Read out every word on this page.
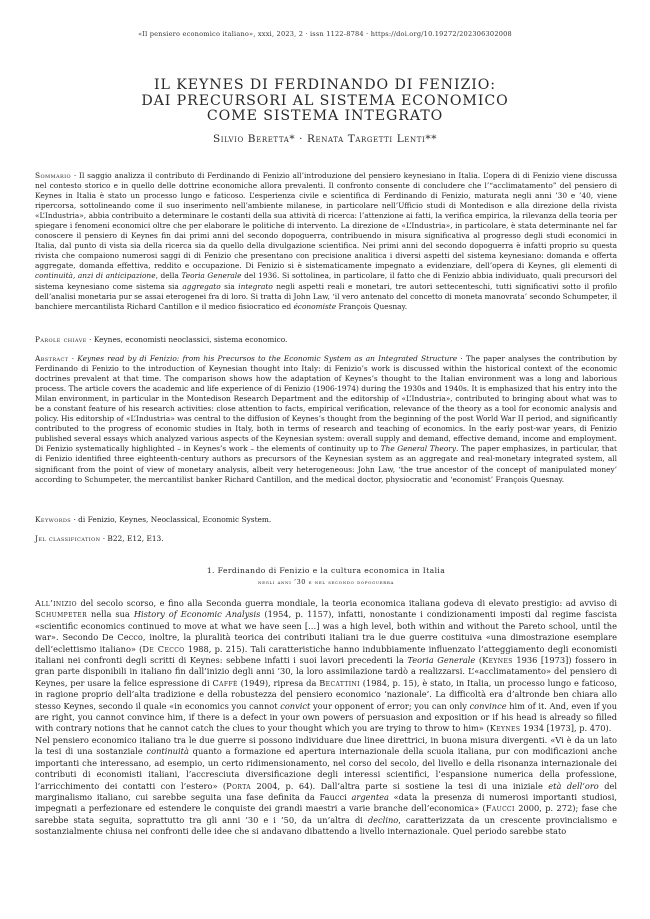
«Il pensiero economico italiano», xxxi, 2023, 2 · issn 1122-8784 · https://doi.org/10.19272/202306302008
IL KEYNES DI FERDINANDO DI FENIZIO:
DAI PRECURSORI AL SISTEMA ECONOMICO
COME SISTEMA INTEGRATO
Silvio Beretta* · Renata Targetti Lenti**
Sommario · Il saggio analizza il contributo di Ferdinando di Fenizio all’introduzione del pensiero keynesiano in Italia. L’opera di di Fenizio viene discussa nel contesto storico e in quello delle dottrine economiche allora prevalenti. Il confronto consente di concludere che l’“acclimatamento” del pensiero di Keynes in Italia è stato un processo lungo e faticoso. L’esperienza civile e scientifica di Ferdinando di Fenizio, maturata negli anni ’30 e ’40, viene ripercorsa, sottolineando come il suo inserimento nell’ambiente milanese, in particolare nell’Ufficio studi di Montedison e alla direzione della rivista «L’Industria», abbia contribuito a determinare le costanti della sua attività di ricerca: l’attenzione ai fatti, la verifica empirica, la rilevanza della teoria per spiegare i fenomeni economici oltre che per elaborare le politiche di intervento. La direzione de «L’Industria», in particolare, è stata determinante nel far conoscere il pensiero di Keynes fin dai primi anni del secondo dopoguerra, contribuendo in misura significativa al progresso degli studi economici in Italia, dal punto di vista sia della ricerca sia da quello della divulgazione scientifica. Nei primi anni del secondo dopoguerra è infatti proprio su questa rivista che compaiono numerosi saggi di di Fenizio che presentano con precisione analitica i diversi aspetti del sistema keynesiano: domanda e offerta aggregate, domanda effettiva, reddito e occupazione. Di Fenizio si è sistematicamente impegnato a evidenziare, dell’opera di Keynes, gli elementi di continuità, anzi di anticipazione, della Teoria Generale del 1936. Si sottolinea, in particolare, il fatto che di Fenizio abbia individuato, quali precursori del sistema keynesiano come sistema sia aggregato sia integrato negli aspetti reali e monetari, tre autori settecenteschi, tutti significativi sotto il profilo dell’analisi monetaria pur se assai eterogenei fra di loro. Si tratta di John Law, ‘il vero antenato del concetto di moneta manovrata’ secondo Schumpeter, il banchiere mercantilista Richard Cantillon e il medico fisiocratico ed économiste François Quesnay.
Parole chiave · Keynes, economisti neoclassici, sistema economico.
Abstract · Keynes read by di Fenizio: from his Precursos to the Economic System as an Integrated Structure · The paper analyses the contribution by Ferdinando di Fenizio to the introduction of Keynesian thought into Italy: di Fenizio’s work is discussed within the historical context of the economic doctrines prevalent at that time. The comparison shows how the adaptation of Keynes’s thought to the Italian environment was a long and laborious process. The article covers the academic and life experience of di Fenizio (1906-1974) during the 1930s and 1940s. It is emphasized that his entry into the Milan environment, in particular in the Montedison Research Department and the editorship of «L’Industria», contributed to bringing about what was to be a constant feature of his research activities: close attention to facts, empirical verification, relevance of the theory as a tool for economic analysis and policy. His editorship of «L’Industria» was central to the diffusion of Keynes’s thought from the beginning of the post World War II period, and significantly contributed to the progress of economic studies in Italy, both in terms of research and teaching of economics. In the early post-war years, di Fenizio published several essays which analyzed various aspects of the Keynesian system: overall supply and demand, effective demand, income and employment. Di Fenizio systematically highlighted – in Keynes’s work – the elements of continuity up to The General Theory. The paper emphasizes, in particular, that di Fenizio identified three eighteenth-century authors as precursors of the Keynesian system as an aggregate and real-monetary integrated system, all significant from the point of view of monetary analysis, albeit very heterogeneous: John Law, ‘the true ancestor of the concept of manipulated money’ according to Schumpeter, the mercantilist banker Richard Cantillon, and the medical doctor, physiocratic and ‘economist’ François Quesnay.
Keywords · di Fenizio, Keynes, Neoclassical, Economic System.
Jel classification · B22, E12, E13.
1. Ferdinando di Fenizio e la cultura economica in Italia
negli anni ’30 e nel secondo dopoguerra

All’inizio del secolo scorso, e fino alla Seconda guerra mondiale, la teoria economica italiana godeva di elevato prestigio: ad avviso di Schumpeter nella sua History of Economic Analysis (1954, p. 1157), infatti, nonostante i condizionamenti imposti dal regime fascista «scientific economics continued to move at what we have seen […] was a high level, both within and without the Pareto school, until the war». Secondo De Cecco, inoltre, la pluralità teorica dei contributi italiani tra le due guerre costituiva «una dimostrazione esemplare dell’eclettismo italiano» (De Cecco 1988, p. 215). Tali caratteristiche hanno indubbiamente influenzato l’atteggiamento degli economisti italiani nei confronti degli scritti di Keynes: sebbene infatti i suoi lavori precedenti la Teoria Generale (Keynes 1936 [1973]) fossero in gran parte disponibili in italiano fin dall’inizio degli anni ’30, la loro assimilazione tardò a realizzarsi. L’«acclimatamento» del pensiero di Keynes, per usare la felice espressione di Caffè (1949), ripresa da Becattini (1984, p. 15), è stato, in Italia, un processo lungo e faticoso, in ragione proprio dell’alta tradizione e della robustezza del pensiero economico ‘nazionale’. La difficoltà era d’altronde ben chiara allo stesso Keynes, secondo il quale «in economics you cannot convict your opponent of error; you can only convince him of it. And, even if you are right, you cannot convince him, if there is a defect in your own powers of persuasion and exposition or if his head is already so filled with contrary notions that he cannot catch the clues to your thought which you are trying to throw to him» (Keynes 1934 [1973], p. 470).

Nel pensiero economico italiano tra le due guerre si possono individuare due linee direttrici, in buona misura divergenti. «Vi è da un lato la tesi di una sostanziale continuità quanto a formazione ed apertura internazionale della scuola italiana, pur con modificazioni anche importanti che interessano, ad esempio, un certo ridimensionamento, nel corso del secolo, del livello e della risonanza internazionale dei contributi di economisti italiani, l’accresciuta diversificazione degli interessi scientifici, l’espansione numerica della professione, l’arricchimento dei contatti con l’estero» (Porta 2004, p. 64). Dall’altra parte si sostiene la tesi di una iniziale età dell’oro del marginalismo italiano, cui sarebbe seguita una fase definita da Faucci argentea «data la presenza di numerosi importanti studiosi, impegnati a perfezionare ed estendere le conquiste dei grandi maestri a varie branche dell’economica» (Faucci 2000, p. 272); fase che sarebbe stata seguita, soprattutto tra gli anni ’30 e i ’50, da un’altra di declino, caratterizzata da un crescente provincialismo e sostanzialmente chiusa nei confronti delle idee che si andavano dibattendo a livello internazionale. Quel periodo sarebbe stato
